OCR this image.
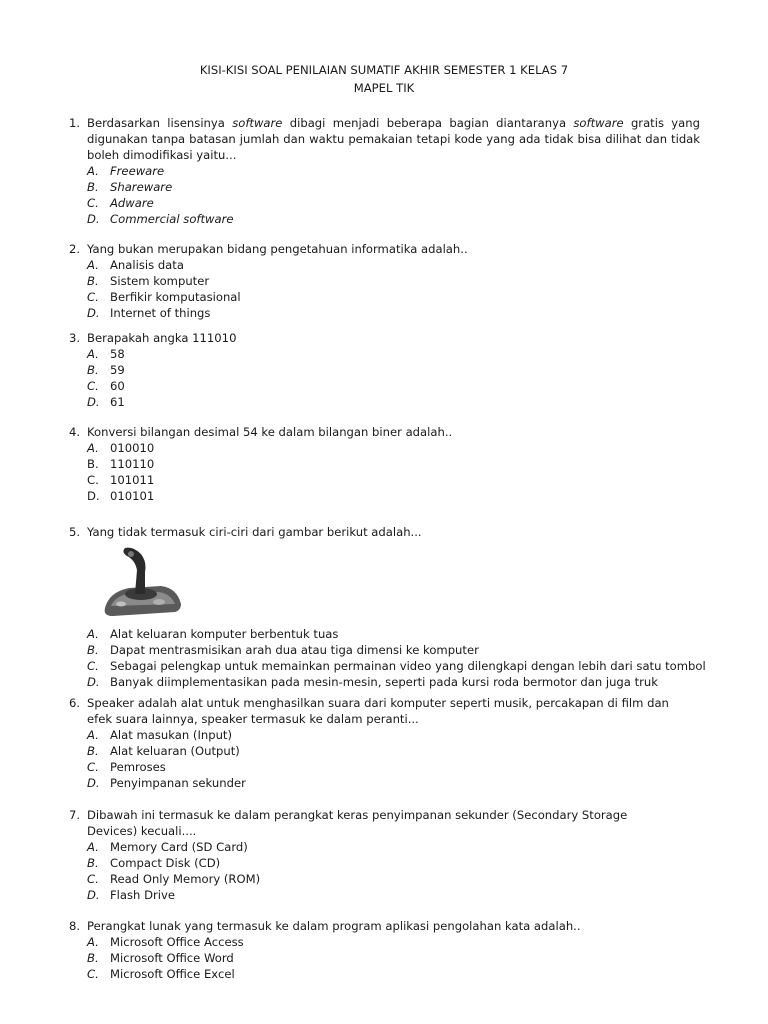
KISI-KISI SOAL PENILAIAN SUMATIF AKHIR SEMESTER 1 KELAS 7
MAPEL TIK
1. Berdasarkan lisensinya software dibagi menjadi beberapa bagian diantaranya software gratis yang digunakan tanpa batasan jumlah dan waktu pemakaian tetapi kode yang ada tidak bisa dilihat dan tidak boleh dimodifikasi yaitu...
A. Freeware
B. Shareware
C. Adware
D. Commercial software
2. Yang bukan merupakan bidang pengetahuan informatika adalah..
A. Analisis data
B. Sistem komputer
C. Berfikir komputasional
D. Internet of things
3. Berapakah angka 111010
A. 58
B. 59
C. 60
D. 61
4. Konversi bilangan desimal 54 ke dalam bilangan biner adalah..
A. 010010
B. 110110
C. 101011
D. 010101
5. Yang tidak termasuk ciri-ciri dari gambar berikut adalah...
A. Alat keluaran komputer berbentuk tuas
B. Dapat mentrasmisikan arah dua atau tiga dimensi ke komputer
C. Sebagai pelengkap untuk memainkan permainan video yang dilengkapi dengan lebih dari satu tombol
D. Banyak diimplementasikan pada mesin-mesin, seperti pada kursi roda bermotor dan juga truk
6. Speaker adalah alat untuk menghasilkan suara dari komputer seperti musik, percakapan di film dan
efek suara lainnya, speaker termasuk ke dalam peranti...
A. Alat masukan (Input)
B. Alat keluaran (Output)
C. Pemroses
D. Penyimpanan sekunder
7. Dibawah ini termasuk ke dalam perangkat keras penyimpanan sekunder (Secondary Storage
Devices) kecuali....
A. Memory Card (SD Card)
B. Compact Disk (CD)
C. Read Only Memory (ROM)
D. Flash Drive
8. Perangkat lunak yang termasuk ke dalam program aplikasi pengolahan kata adalah..
A. Microsoft Office Access
B. Microsoft Office Word
C. Microsoft Office Excel
